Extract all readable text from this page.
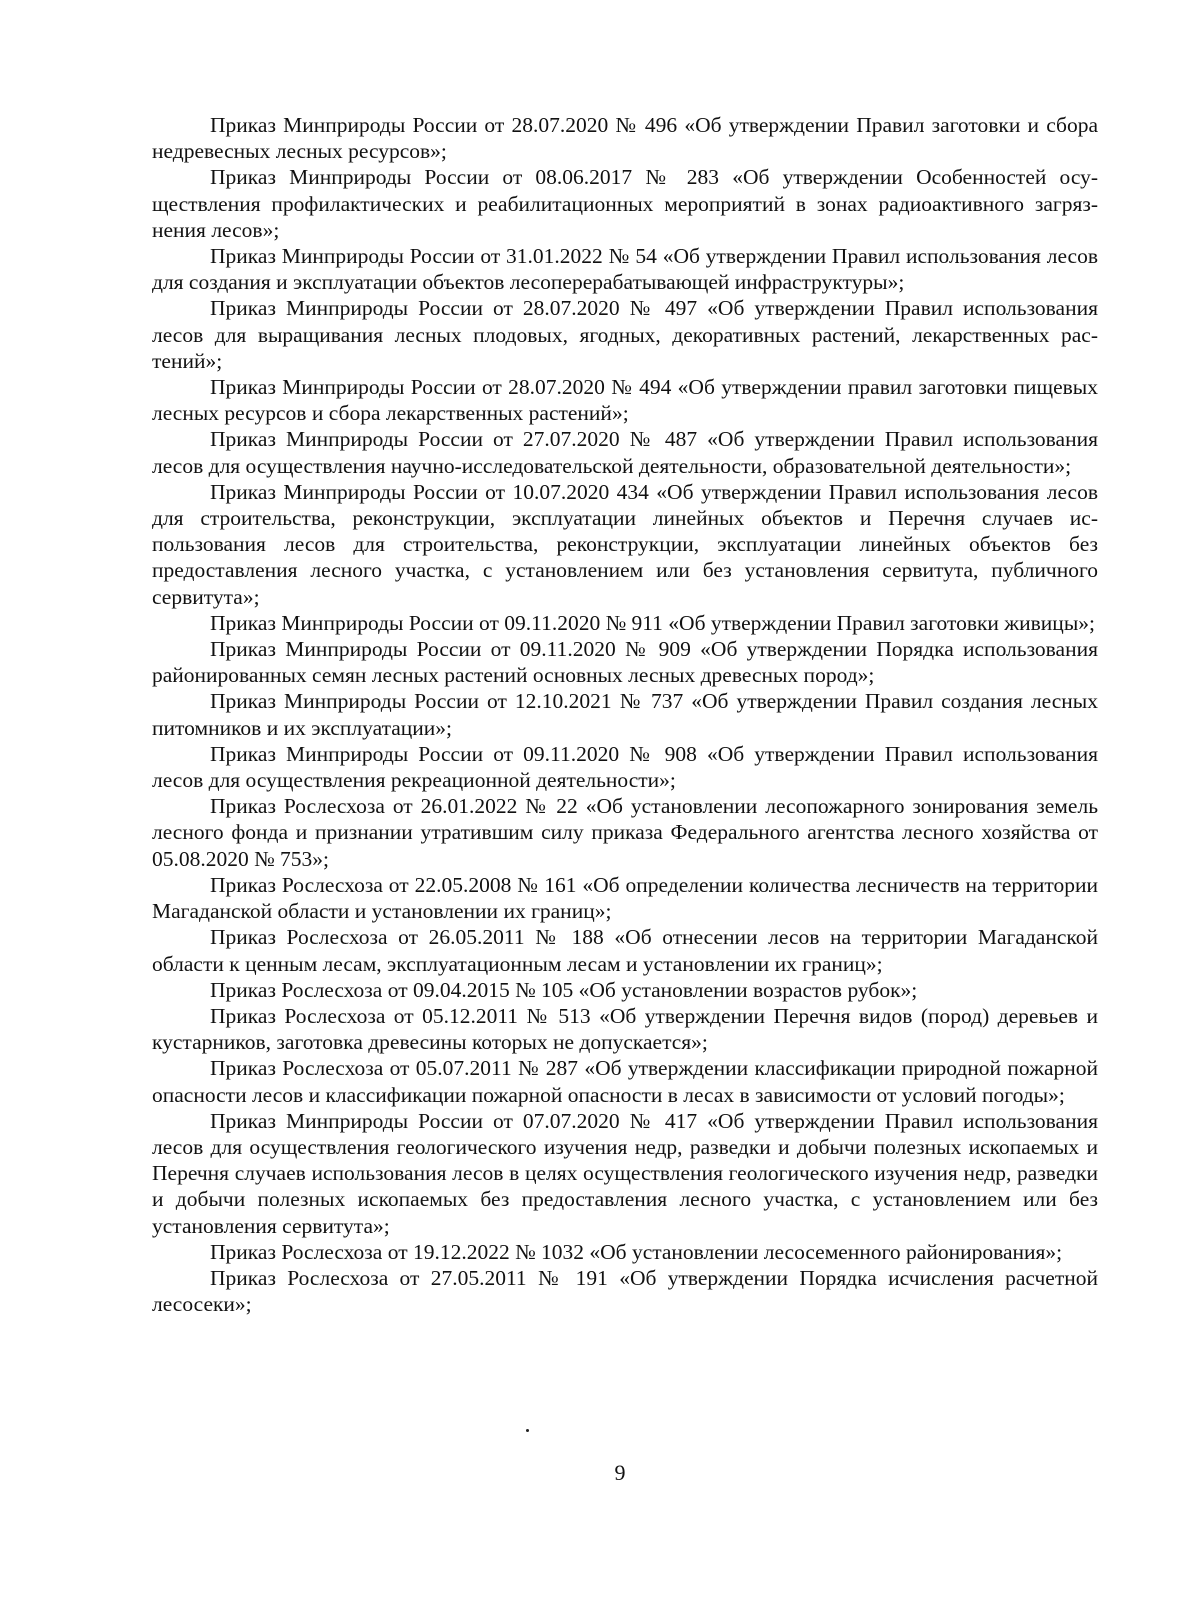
Приказ Минприроды России от 28.07.2020 № 496 «Об утверждении Правил заготовки и сбора недревесных лесных ресурсов»;

Приказ Минприроды России от 08.06.2017 № 283 «Об утверждении Особенностей осуществления профилактических и реабилитационных мероприятий в зонах радиоактивного загрязнения лесов»;

Приказ Минприроды России от 31.01.2022 № 54 «Об утверждении Правил использования лесов для создания и эксплуатации объектов лесоперерабатывающей инфраструктуры»;

Приказ Минприроды России от 28.07.2020 № 497 «Об утверждении Правил использования лесов для выращивания лесных плодовых, ягодных, декоративных растений, лекарственных растений»;

Приказ Минприроды России от 28.07.2020 № 494 «Об утверждении правил заготовки пищевых лесных ресурсов и сбора лекарственных растений»;

Приказ Минприроды России от 27.07.2020 № 487 «Об утверждении Правил использования лесов для осуществления научно-исследовательской деятельности, образовательной деятельности»;

Приказ Минприроды России от 10.07.2020 434 «Об утверждении Правил использования лесов для строительства, реконструкции, эксплуатации линейных объектов и Перечня случаев использования лесов для строительства, реконструкции, эксплуатации линейных объектов без предоставления лесного участка, с установлением или без установления сервитута, публичного сервитута»;

Приказ Минприроды России от 09.11.2020 № 911 «Об утверждении Правил заготовки живицы»;

Приказ Минприроды России от 09.11.2020 № 909 «Об утверждении Порядка использования районированных семян лесных растений основных лесных древесных пород»;

Приказ Минприроды России от 12.10.2021 № 737 «Об утверждении Правил создания лесных питомников и их эксплуатации»;

Приказ Минприроды России от 09.11.2020 № 908 «Об утверждении Правил использования лесов для осуществления рекреационной деятельности»;

Приказ Рослесхоза от 26.01.2022 № 22 «Об установлении лесопожарного зонирования земель лесного фонда и признании утратившим силу приказа Федерального агентства лесного хозяйства от 05.08.2020 № 753»;

Приказ Рослесхоза от 22.05.2008 № 161 «Об определении количества лесничеств на территории Магаданской области и установлении их границ»;

Приказ Рослесхоза от 26.05.2011 № 188 «Об отнесении лесов на территории Магаданской области к ценным лесам, эксплуатационным лесам и установлении их границ»;

Приказ Рослесхоза от 09.04.2015 № 105 «Об установлении возрастов рубок»;

Приказ Рослесхоза от 05.12.2011 № 513 «Об утверждении Перечня видов (пород) деревьев и кустарников, заготовка древесины которых не допускается»;

Приказ Рослесхоза от 05.07.2011 № 287 «Об утверждении классификации природной пожарной опасности лесов и классификации пожарной опасности в лесах в зависимости от условий погоды»;

Приказ Минприроды России от 07.07.2020 № 417 «Об утверждении Правил использования лесов для осуществления геологического изучения недр, разведки и добычи полезных ископаемых и Перечня случаев использования лесов в целях осуществления геологического изучения недр, разведки и добычи полезных ископаемых без предоставления лесного участка, с установлением или без установления сервитута»;

Приказ Рослесхоза от 19.12.2022 № 1032 «Об установлении лесосеменного районирования»;

Приказ Рослесхоза от 27.05.2011 № 191 «Об утверждении Порядка исчисления расчетной лесосеки»;

9
